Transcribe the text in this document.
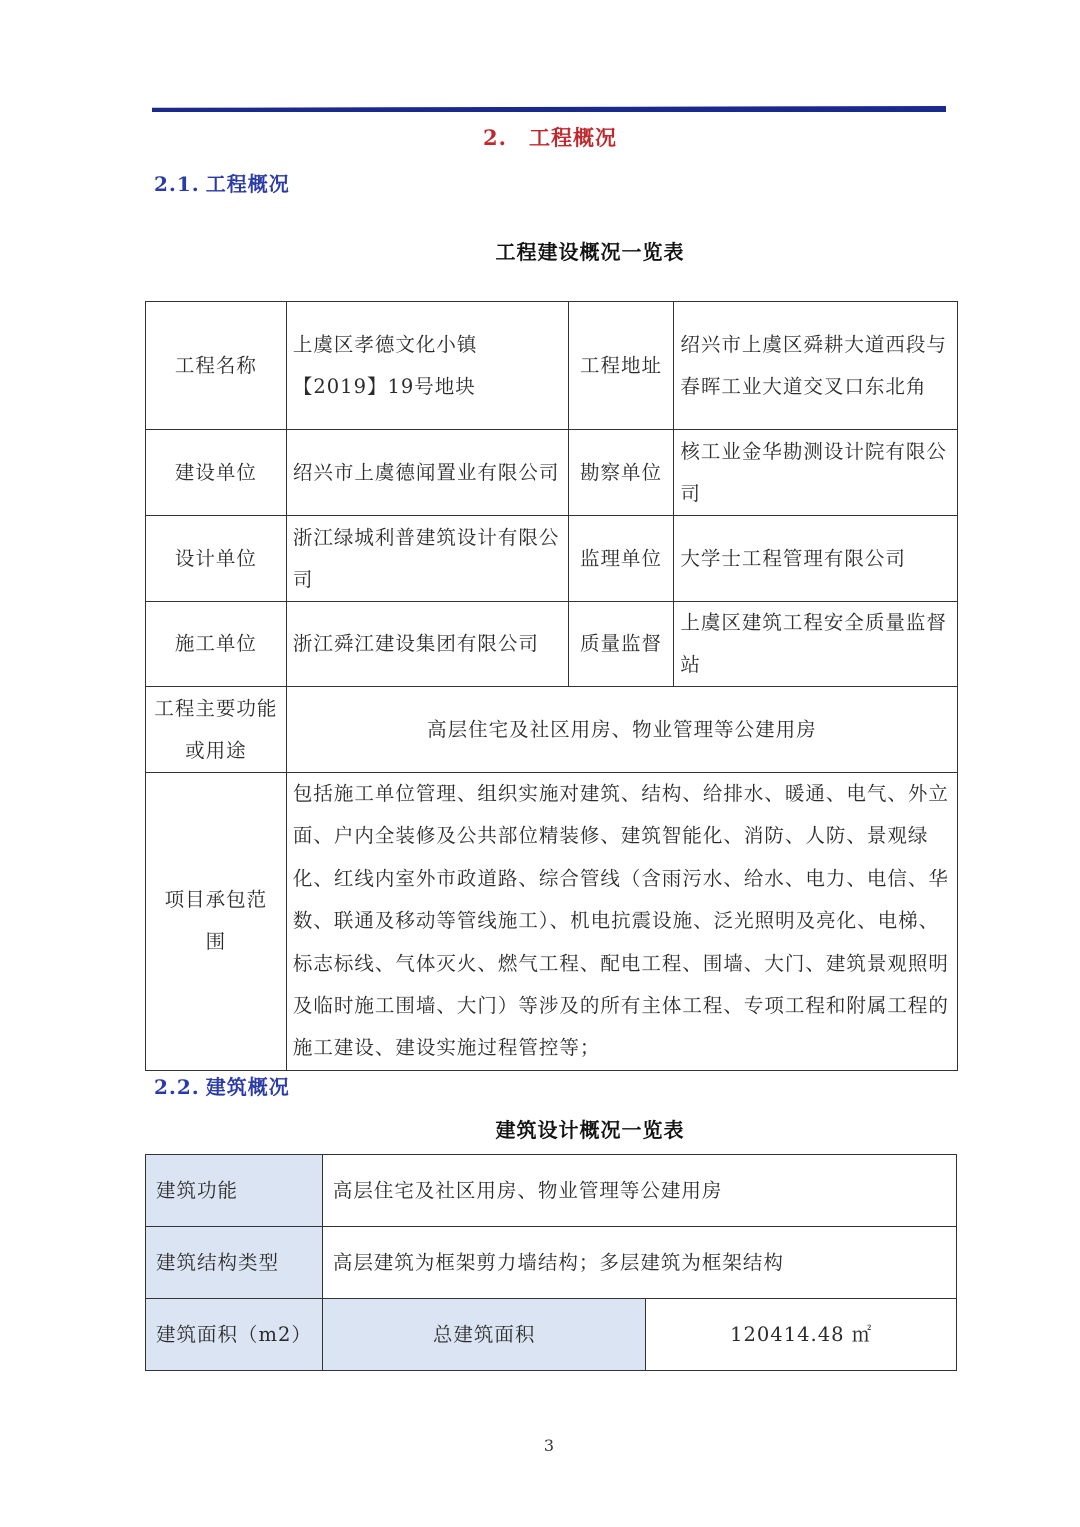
2. 工程概况
2.1. 工程概况
工程建设概况一览表
工程名称	上虞区孝德文化小镇【2019】19号地块	工程地址	绍兴市上虞区舜耕大道西段与春晖工业大道交叉口东北角
建设单位	绍兴市上虞德闻置业有限公司	勘察单位	核工业金华勘测设计院有限公司
设计单位	浙江绿城利普建筑设计有限公司	监理单位	大学士工程管理有限公司
施工单位	浙江舜江建设集团有限公司	质量监督	上虞区建筑工程安全质量监督站
工程主要功能或用途	高层住宅及社区用房、物业管理等公建用房		
项目承包范围	包括施工单位管理、组织实施对建筑、结构、给排水、暖通、电气、外立面、户内全装修及公共部位精装修、建筑智能化、消防、人防、景观绿化、红线内室外市政道路、综合管线（含雨污水、给水、电力、电信、华数、联通及移动等管线施工）、机电抗震设施、泛光照明及亮化、电梯、标志标线、气体灭火、燃气工程、配电工程、围墙、大门、建筑景观照明及临时施工围墙、大门）等涉及的所有主体工程、专项工程和附属工程的施工建设、建设实施过程管控等；		
2.2. 建筑概况
建筑设计概况一览表
建筑功能	高层住宅及社区用房、物业管理等公建用房	
建筑结构类型	高层建筑为框架剪力墙结构；多层建筑为框架结构	
建筑面积（m2）	总建筑面积	120414.48 ㎡
3
